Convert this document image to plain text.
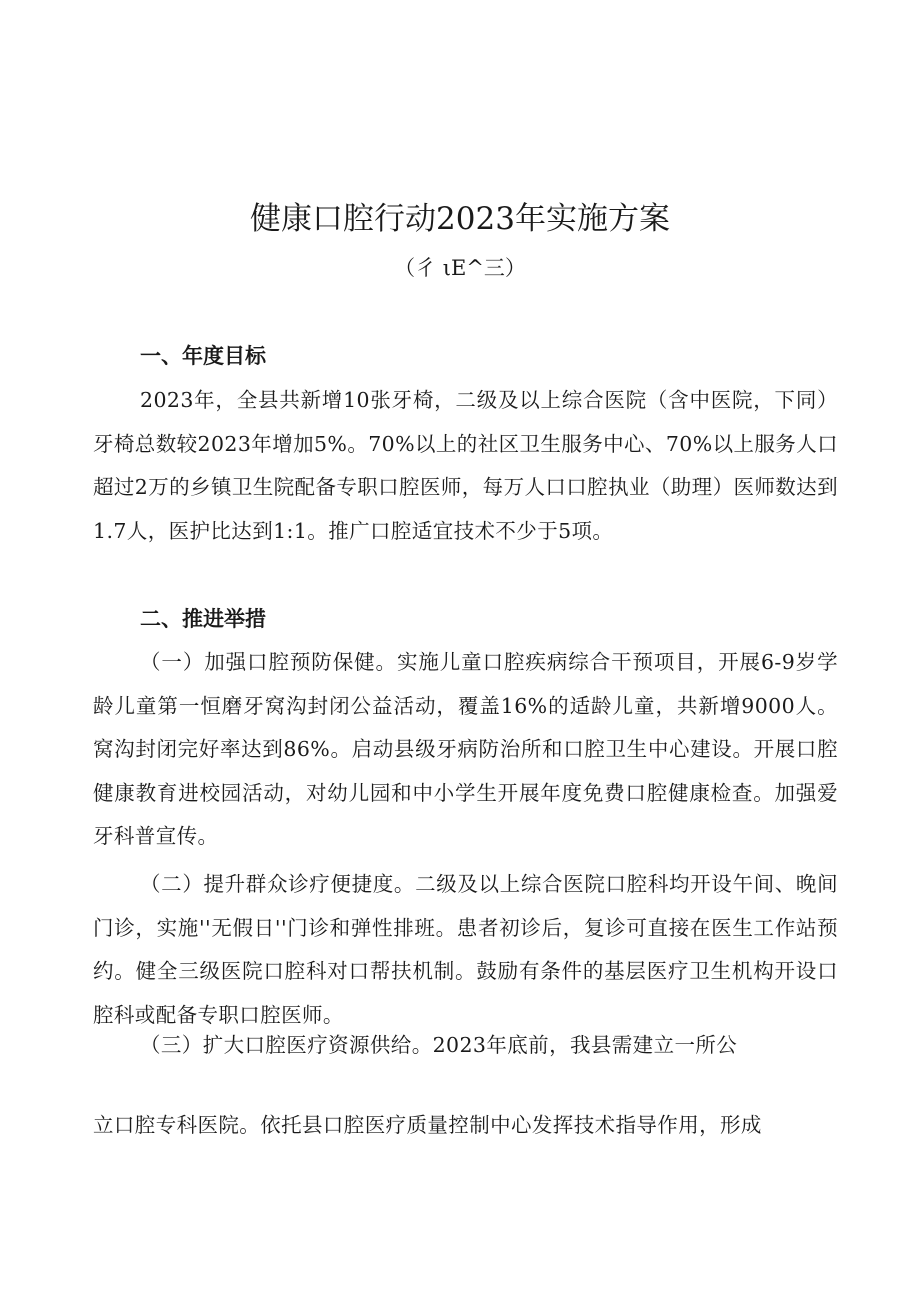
健康口腔行动2023年实施方案
（彳 ιE^三）
一、年度目标
2023年，全县共新增10张牙椅，二级及以上综合医院（含中医院，下同）牙椅总数较2023年增加5%。70%以上的社区卫生服务中心、70%以上服务人口超过2万的乡镇卫生院配备专职口腔医师，每万人口口腔执业（助理）医师数达到1.7人，医护比达到1:1。推广口腔适宜技术不少于5项。
二、推进举措
（一）加强口腔预防保健。实施儿童口腔疾病综合干预项目，开展6-9岁学龄儿童第一恒磨牙窝沟封闭公益活动，覆盖16%的适龄儿童，共新增9000人。窝沟封闭完好率达到86%。启动县级牙病防治所和口腔卫生中心建设。开展口腔健康教育进校园活动，对幼儿园和中小学生开展年度免费口腔健康检查。加强爱牙科普宣传。
（二）提升群众诊疗便捷度。二级及以上综合医院口腔科均开设午间、晚间门诊，实施''无假日''门诊和弹性排班。患者初诊后，复诊可直接在医生工作站预约。健全三级医院口腔科对口帮扶机制。鼓励有条件的基层医疗卫生机构开设口腔科或配备专职口腔医师。
（三）扩大口腔医疗资源供给。2023年底前，我县需建立一所公
立口腔专科医院。依托县口腔医疗质量控制中心发挥技术指导作用，形成
